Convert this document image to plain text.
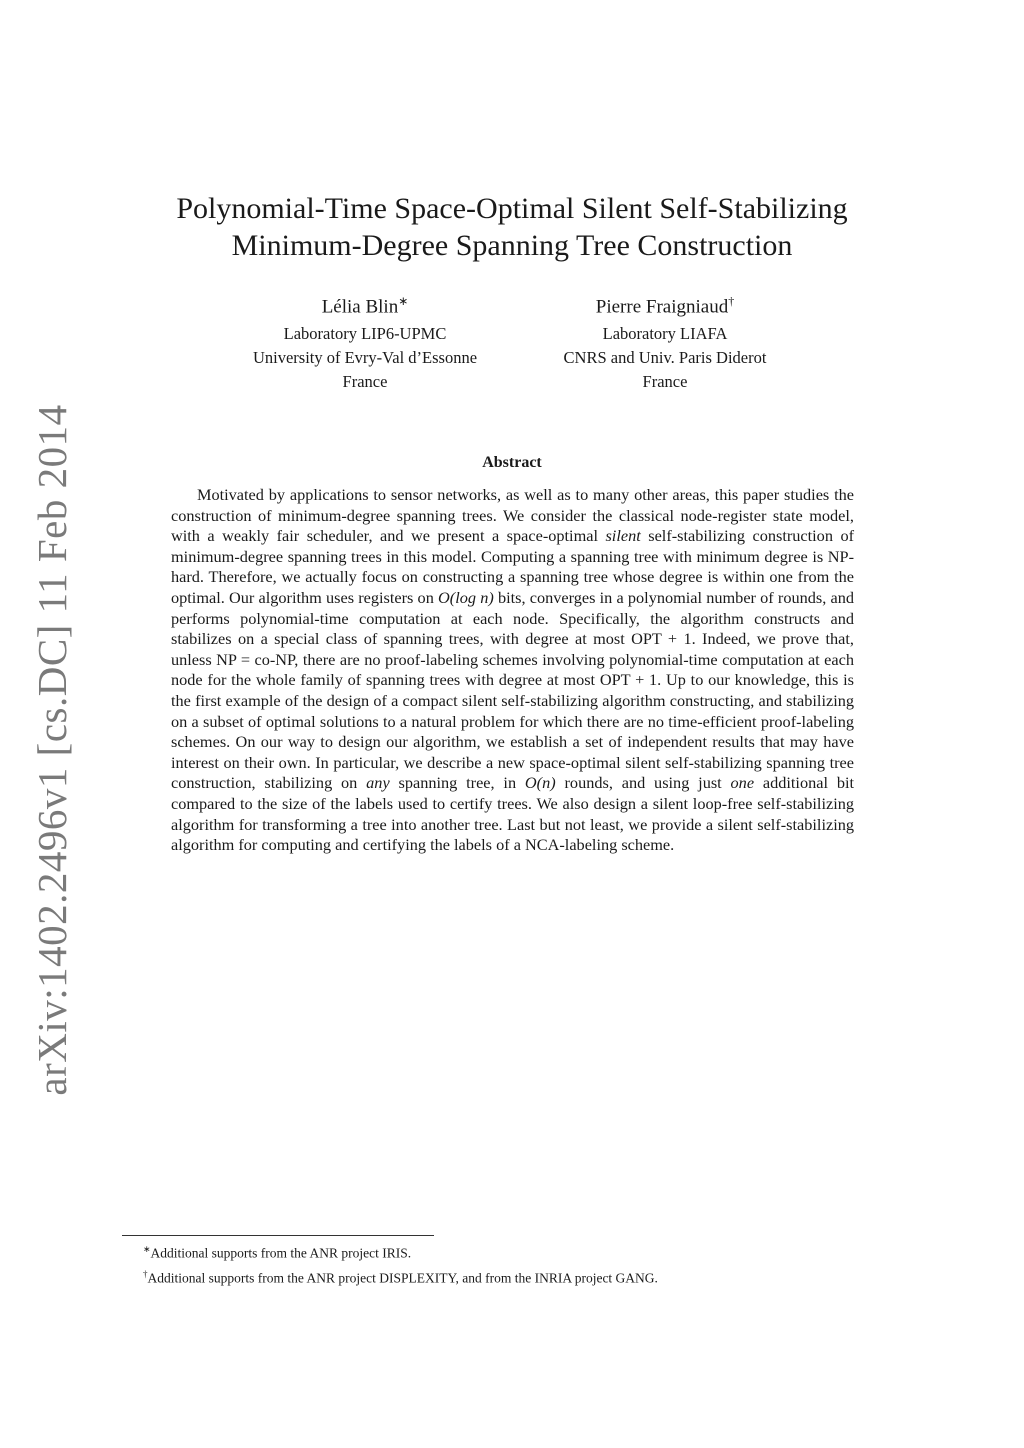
arXiv:1402.2496v1 [cs.DC] 11 Feb 2014
Polynomial-Time Space-Optimal Silent Self-Stabilizing
Minimum-Degree Spanning Tree Construction
Lélia Blin∗
Laboratory LIP6-UPMC
University of Evry-Val d’Essonne
France
Pierre Fraigniaud†
Laboratory LIAFA
CNRS and Univ. Paris Diderot
France
Abstract

Motivated by applications to sensor networks, as well as to many other areas, this paper studies the construction of minimum-degree spanning trees. We consider the classical node-register state model, with a weakly fair scheduler, and we present a space-optimal silent self-stabilizing construction of minimum-degree spanning trees in this model. Computing a spanning tree with minimum degree is NP-hard. Therefore, we actually focus on constructing a spanning tree whose degree is within one from the optimal. Our algorithm uses registers on O(log n) bits, converges in a polynomial number of rounds, and performs polynomial-time computation at each node. Specifically, the algorithm constructs and stabilizes on a special class of spanning trees, with degree at most OPT + 1. Indeed, we prove that, unless NP = co-NP, there are no proof-labeling schemes involving polynomial-time computation at each node for the whole family of spanning trees with degree at most OPT + 1. Up to our knowledge, this is the first example of the design of a compact silent self-stabilizing algorithm constructing, and stabilizing on a subset of optimal solutions to a natural problem for which there are no time-efficient proof-labeling schemes. On our way to design our algorithm, we establish a set of independent results that may have interest on their own. In particular, we describe a new space-optimal silent self-stabilizing spanning tree construction, stabilizing on any spanning tree, in O(n) rounds, and using just one additional bit compared to the size of the labels used to certify trees. We also design a silent loop-free self-stabilizing algorithm for transforming a tree into another tree. Last but not least, we provide a silent self-stabilizing algorithm for computing and certifying the labels of a NCA-labeling scheme.

∗Additional supports from the ANR project IRIS.
†Additional supports from the ANR project DISPLEXITY, and from the INRIA project GANG.
